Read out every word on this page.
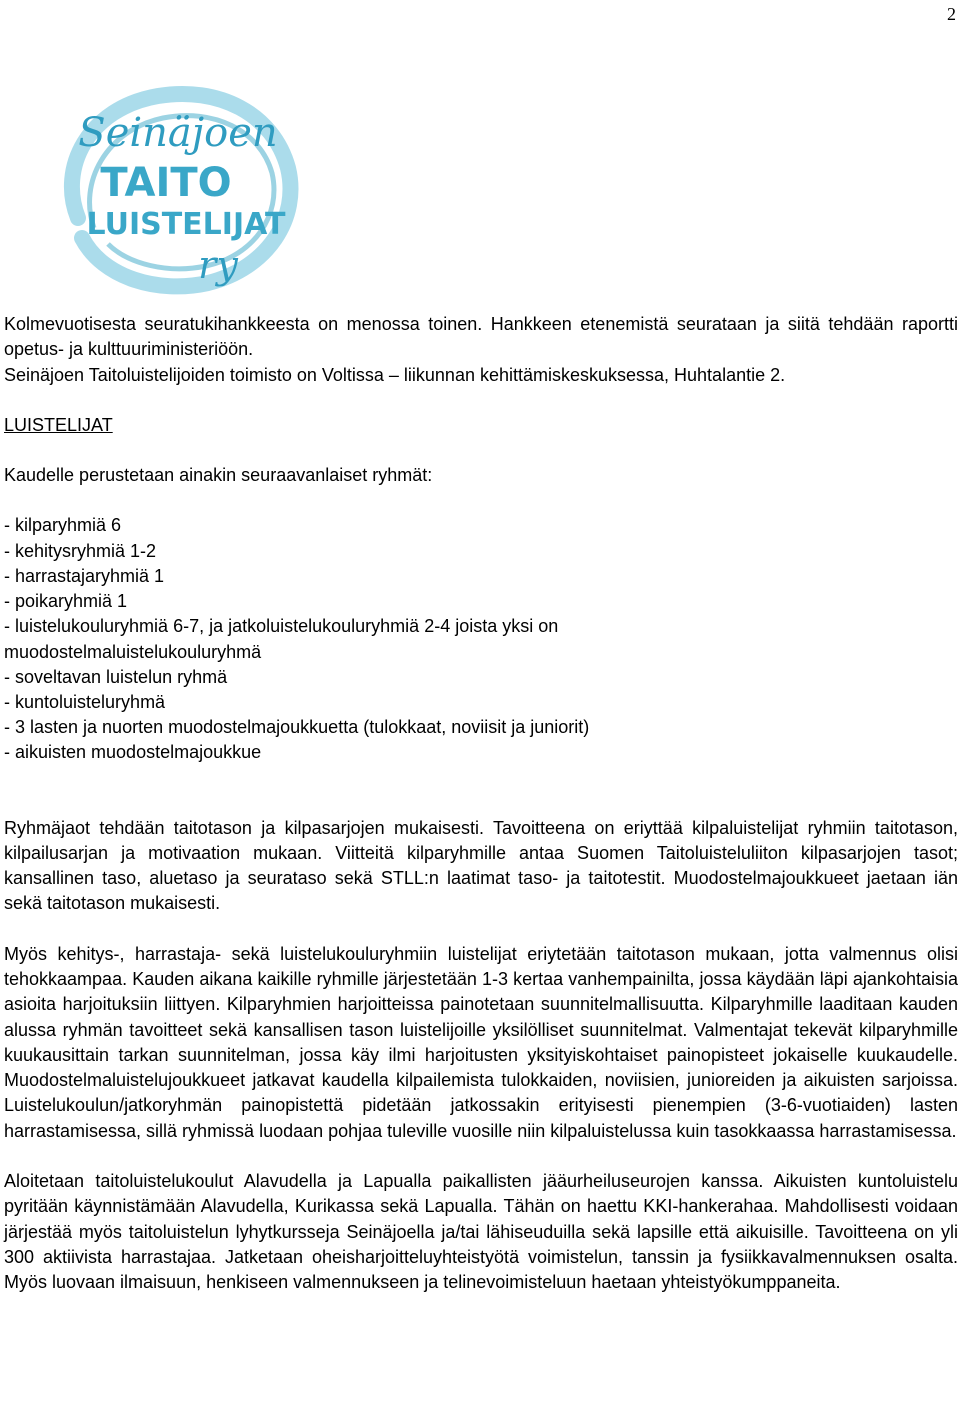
2
Seinäjoen
TAITO
LUISTELIJAT
ry

Kolmevuotisesta seuratukihankkeesta on menossa toinen. Hankkeen etenemistä seurataan ja siitä tehdään raportti opetus- ja kulttuuriministeriöön.

Seinäjoen Taitoluistelijoiden toimisto on Voltissa – liikunnan kehittämiskeskuksessa, Huhtalantie 2.

LUISTELIJAT

Kaudelle perustetaan ainakin seuraavanlaiset ryhmät:

- kilparyhmiä 6

- kehitysryhmiä 1-2

- harrastajaryhmiä 1

- poikaryhmiä 1

- luistelukouluryhmiä 6-7, ja jatkoluistelukouluryhmiä 2-4 joista yksi on muodostelmaluistelukouluryhmä

- soveltavan luistelun ryhmä

- kuntoluisteluryhmä

- 3 lasten ja nuorten muodostelmajoukkuetta (tulokkaat, noviisit ja juniorit)

- aikuisten muodostelmajoukkue

Ryhmäjaot tehdään taitotason ja kilpasarjojen mukaisesti. Tavoitteena on eriyttää kilpaluistelijat ryhmiin taitotason, kilpailusarjan ja motivaation mukaan. Viitteitä kilparyhmille antaa Suomen Taitoluisteluliiton kilpasarjojen tasot; kansallinen taso, aluetaso ja seurataso sekä STLL:n laatimat taso- ja taitotestit. Muodostelmajoukkueet jaetaan iän sekä taitotason mukaisesti.

Myös kehitys-, harrastaja- sekä luistelukouluryhmiin luistelijat eriytetään taitotason mukaan, jotta valmennus olisi tehokkaampaa. Kauden aikana kaikille ryhmille järjestetään 1-3 kertaa vanhempainilta, jossa käydään läpi ajankohtaisia asioita harjoituksiin liittyen. Kilparyhmien harjoitteissa painotetaan suunnitelmallisuutta. Kilparyhmille laaditaan kauden alussa ryhmän tavoitteet sekä kansallisen tason luistelijoille yksilölliset suunnitelmat. Valmentajat tekevät kilparyhmille kuukausittain tarkan suunnitelman, jossa käy ilmi harjoitusten yksityiskohtaiset painopisteet jokaiselle kuukaudelle. Muodostelmaluistelujoukkueet jatkavat kaudella kilpailemista tulokkaiden, noviisien, junioreiden ja aikuisten sarjoissa. Luistelukoulun/jatkoryhmän painopistettä pidetään jatkossakin erityisesti pienempien (3-6-vuotiaiden) lasten harrastamisessa, sillä ryhmissä luodaan pohjaa tuleville vuosille niin kilpaluistelussa kuin tasokkaassa harrastamisessa.

Aloitetaan taitoluistelukoulut Alavudella ja Lapualla paikallisten jääurheiluseurojen kanssa. Aikuisten kuntoluistelu pyritään käynnistämään Alavudella, Kurikassa sekä Lapualla. Tähän on haettu KKI-hankerahaa. Mahdollisesti voidaan järjestää myös taitoluistelun lyhytkursseja Seinäjoella ja/tai lähiseuduilla sekä lapsille että aikuisille. Tavoitteena on yli 300 aktiivista harrastajaa. Jatketaan oheisharjoitteluyhteistyötä voimistelun, tanssin ja fysiikkavalmennuksen osalta. Myös luovaan ilmaisuun, henkiseen valmennukseen ja telinevoimisteluun haetaan yhteistyökumppaneita.
